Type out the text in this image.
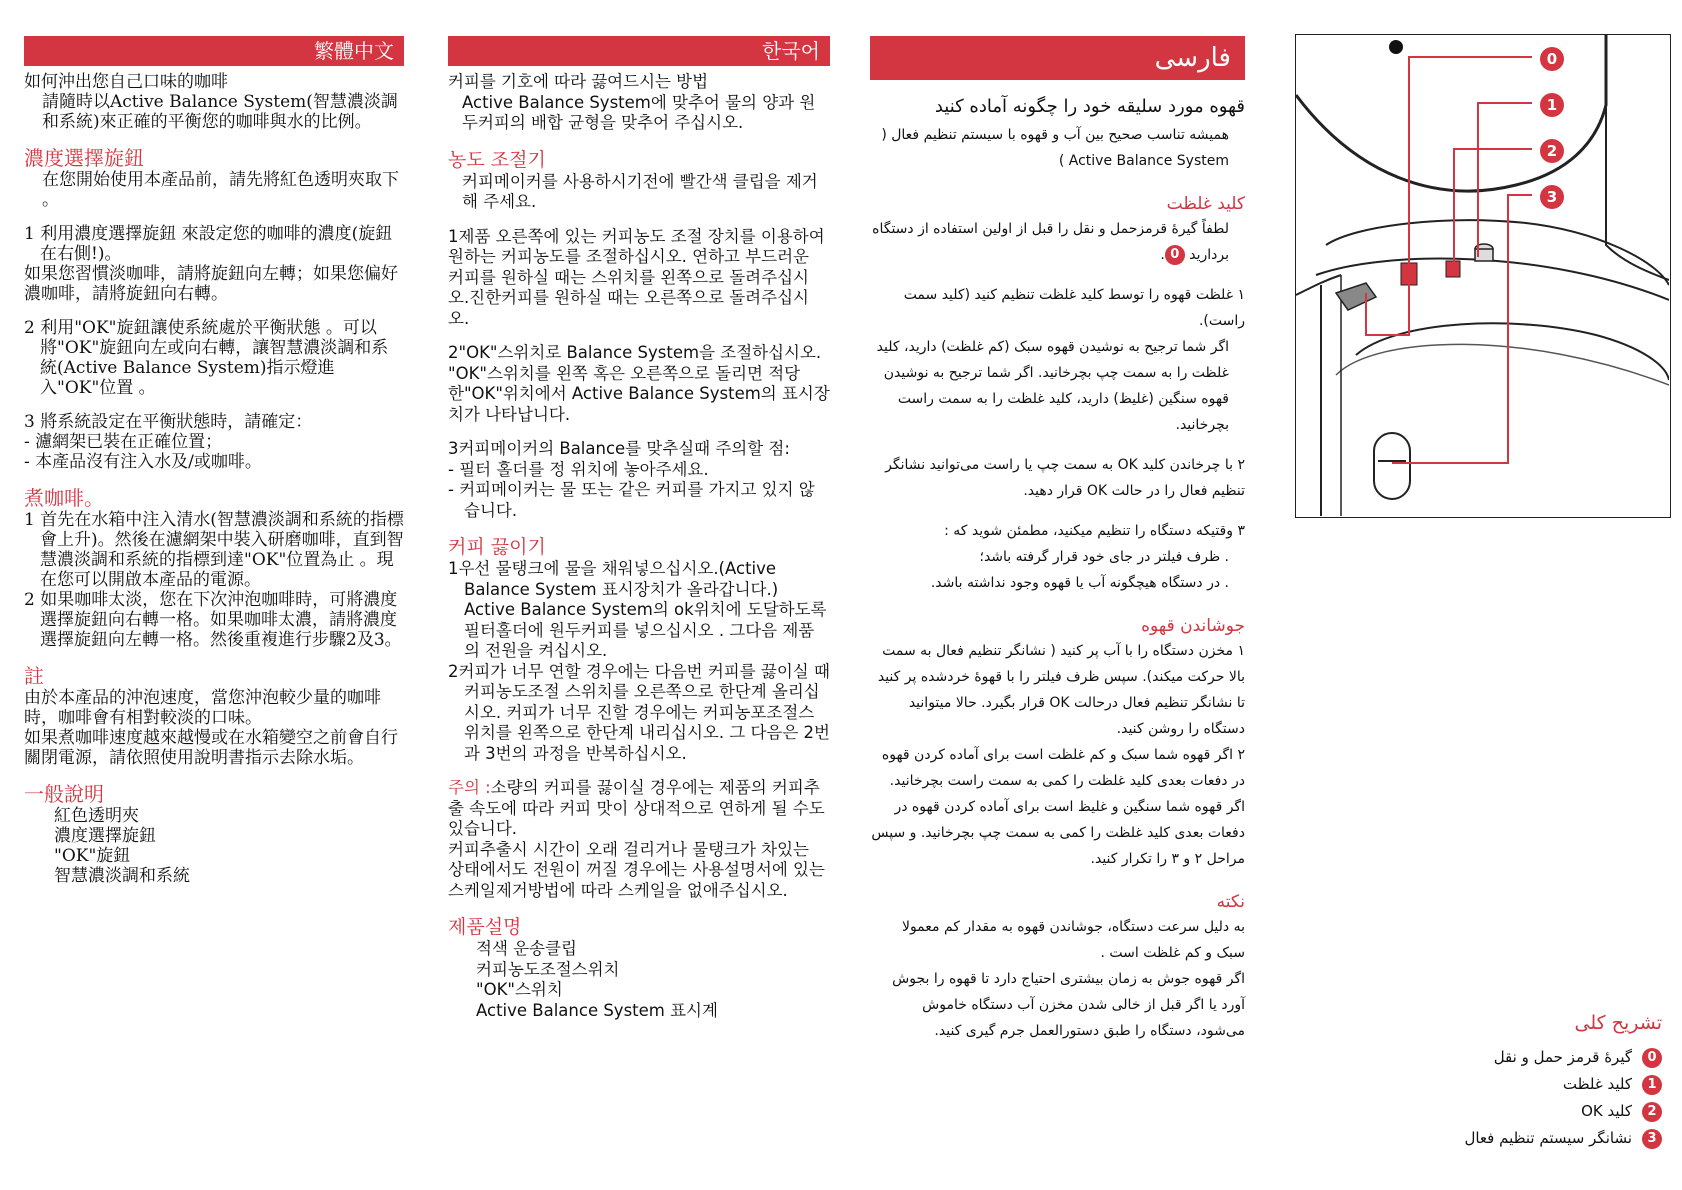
繁體中文

如何沖出您自己口味的咖啡

請隨時以Active Balance System(智慧濃淡調和系統)來正確的平衡您的咖啡與水的比例。

濃度選擇旋鈕

在您開始使用本產品前，請先將紅色透明夾取下 。

1 利用濃度選擇旋鈕 來設定您的咖啡的濃度(旋鈕在右側!)。

如果您習慣淡咖啡，請將旋鈕向左轉；如果您偏好濃咖啡，請將旋鈕向右轉。

2 利用"OK"旋鈕讓使系統處於平衡狀態 。可以將"OK"旋鈕向左或向右轉，讓智慧濃淡調和系統(Active Balance System)指示燈進入"OK"位置 。

3 將系統設定在平衡狀態時，請確定：

- 濾網架已裝在正確位置；

- 本產品沒有注入水及/或咖啡。

煮咖啡。

1 首先在水箱中注入清水(智慧濃淡調和系統的指標會上升)。然後在濾網架中裝入研磨咖啡，直到智慧濃淡調和系統的指標到達"OK"位置為止 。現在您可以開啟本產品的電源。

2 如果咖啡太淡，您在下次沖泡咖啡時，可將濃度選擇旋鈕向右轉一格。如果咖啡太濃，請將濃度選擇旋鈕向左轉一格。然後重複進行步驟2及3。

註

由於本產品的沖泡速度，當您沖泡較少量的咖啡時，咖啡會有相對較淡的口味。

如果煮咖啡速度越來越慢或在水箱變空之前會自行關閉電源，請依照使用說明書指示去除水垢。

一般說明

紅色透明夾

濃度選擇旋鈕

"OK"旋鈕

智慧濃淡調和系統

한국어

커피를 기호에 따라 끓여드시는 방법

Active Balance System에 맞추어 물의 양과 원두커피의 배합 균형을 맞추어 주십시오.

농도 조절기

커피메이커를 사용하시기전에 빨간색 클립을 제거해 주세요.

1제품 오른쪽에 있는 커피농도 조절 장치를 이용하여 원하는 커피농도를 조절하십시오. 연하고 부드러운 커피를 원하실 때는 스위치를 왼쪽으로 돌려주십시오.진한커피를 원하실 때는 오른쪽으로 돌려주십시오.

2"OK"스위치로 Balance System을 조절하십시오.

"OK"스위치를 왼쪽 혹은 오른쪽으로 돌리면 적당한"OK"위치에서 Active Balance System의 표시장치가 나타납니다.

3커피메이커의 Balance를 맞추실때 주의할 점:

- 필터 홀더를 정 위치에 놓아주세요.

- 커피메이커는 물 또는 같은 커피를 가지고 있지 않습니다.

커피 끓이기

1우선 물탱크에 물을 채워넣으십시오.(Active Balance System 표시장치가 올라갑니다.) Active Balance System의 ok위치에 도달하도록 필터홀더에 원두커피를 넣으십시오 . 그다음 제품의 전원을 켜십시오.

2커피가 너무 연할 경우에는 다음번 커피를 끓이실 때 커피농도조절 스위치를 오른쪽으로 한단계 올리십시오. 커피가 너무 진할 경우에는 커피농포조절스위치를 왼쪽으로 한단계 내리십시오. 그 다음은 2번과 3번의 과정을 반복하십시오.

주의 :소량의 커피를 끓이실 경우에는 제품의 커피추출 속도에 따라 커피 맛이 상대적으로 연하게 될 수도 있습니다.

커피추출시 시간이 오래 걸리거나 물탱크가 차있는 상태에서도 전원이 꺼질 경우에는 사용설명서에 있는 스케일제거방법에 따라 스케일을 없애주십시오.

제품설명

적색 운송클립

커피농도조절스위치

"OK"스위치

Active Balance System 표시계

فارسی

قهوه مورد سلیقه خود را چگونه آماده کنید

همیشه تناسب صحیح بین آب و قهوه با سیستم تنظیم فعال ( Active Balance System )

کلید غلظت

لطفاً گیرهٔ قرمزحمل و نقل را قبل از اولین استفاده از دستگاه بردارید 0.

۱ غلظت قهوه را توسط کلید غلظت تنظیم کنید (کلید سمت راست).

اگر شما ترجیح به نوشیدن قهوه سبک (کم غلظت) دارید، کلید غلظت را به سمت چپ بچرخانید. اگر شما ترجیح به نوشیدن قهوه سنگین (غلیظ) دارید، کلید غلظت را به سمت راست بچرخانید.

۲ با چرخاندن کلید OK به سمت چپ یا راست می‌توانید نشانگر تنظیم فعال را در حالت OK قرار دهید.

۳ وقتیکه دستگاه را تنظیم میکنید، مطمئن شوید که :

. ظرف فیلتر در جای خود قرار گرفته باشد؛

. در دستگاه هیچگونه آب یا قهوه وجود نداشته باشد.

جوشاندن قهوه

۱ مخزن دستگاه را با آب پر کنید ( نشانگر تنظیم فعال به سمت بالا حرکت میکند). سپس ظرف فیلتر را با قهوهٔ خردشده پر کنید تا نشانگر تنظیم فعال درحالت OK قرار بگیرد. حالا میتوانید دستگاه را روشن کنید.

۲ اگر قهوه شما سبک و کم غلظت است برای آماده کردن قهوه در دفعات بعدی کلید غلظت را کمی به سمت راست بچرخانید. اگر قهوه شما سنگین و غلیظ است برای آماده کردن قهوه در دفعات بعدی کلید غلظت را کمی به سمت چپ بچرخانید. و سپس مراحل ۲ و ۳ را تکرار کنید.

نکته

به دلیل سرعت دستگاه، جوشاندن قهوه به مقدار کم معمولا سبک و کم غلظت است .

اگر قهوه جوش به زمان بیشتری احتیاج دارد تا قهوه را بجوش آورد یا اگر قبل از خالی شدن مخزن آب دستگاه خاموش می‌شود، دستگاه را طبق دستورالعمل جرم گیری کنید.

0
1
2
3
تشریح کلی
0گیرهٔ قرمز حمل و نقل
1کلید غلظت
2کلید OK
3نشانگر سیستم تنظیم فعال
